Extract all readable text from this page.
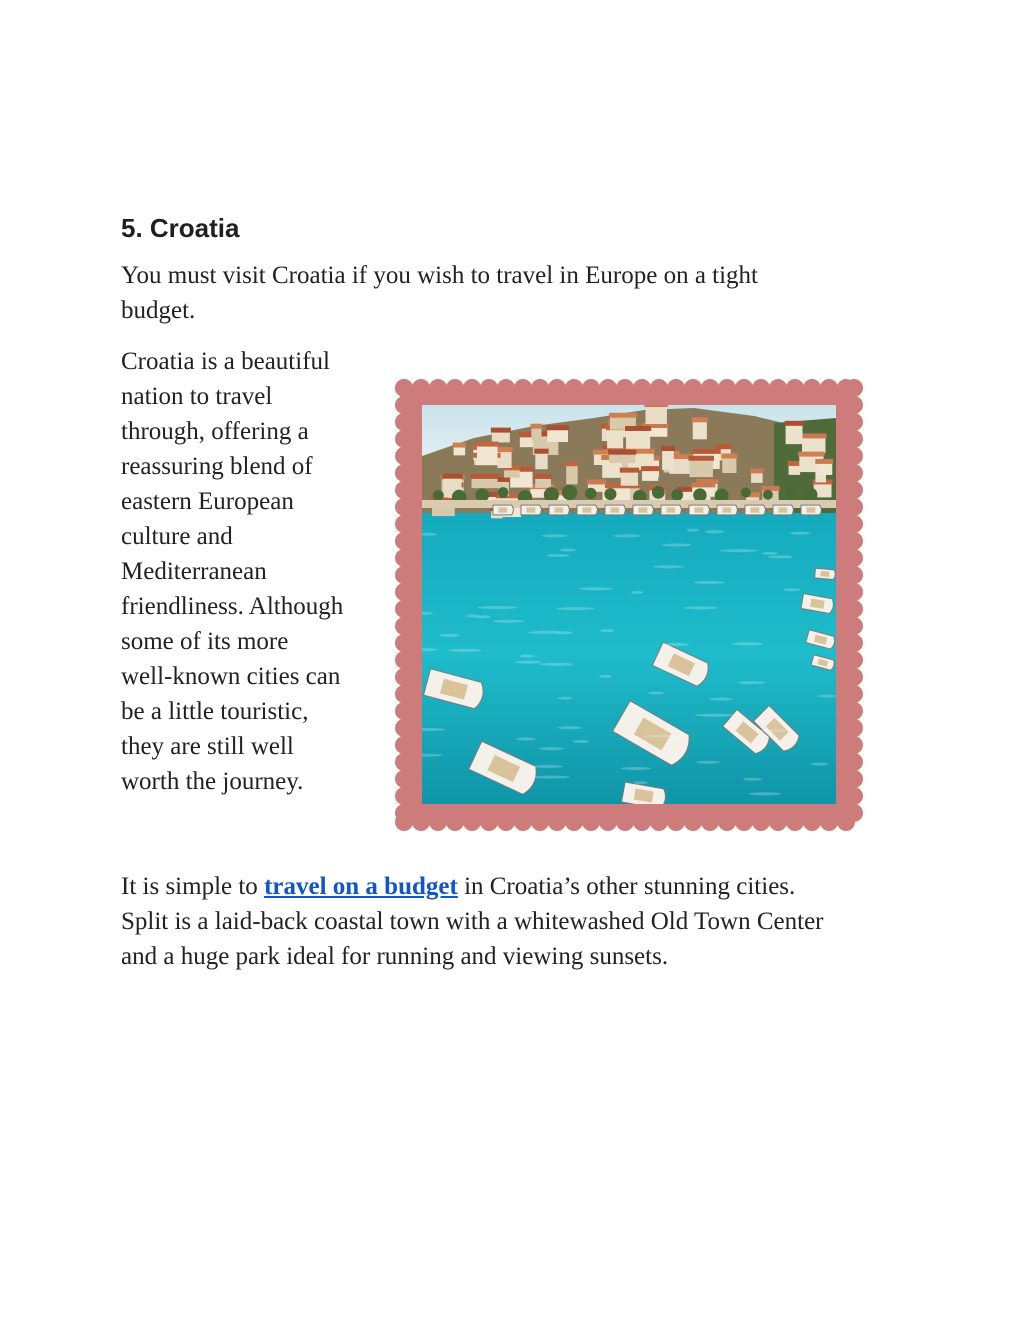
5. Croatia
You must visit Croatia if you wish to travel in Europe on a tight
budget.
Croatia is a beautiful
nation to travel
through, offering a
reassuring blend of
eastern European
culture and
Mediterranean
friendliness. Although
some of its more
well-known cities can
be a little touristic,
they are still well
worth the journey.
It is simple to travel on a budget in Croatia’s other stunning cities.
Split is a laid-back coastal town with a whitewashed Old Town Center
and a huge park ideal for running and viewing sunsets.
